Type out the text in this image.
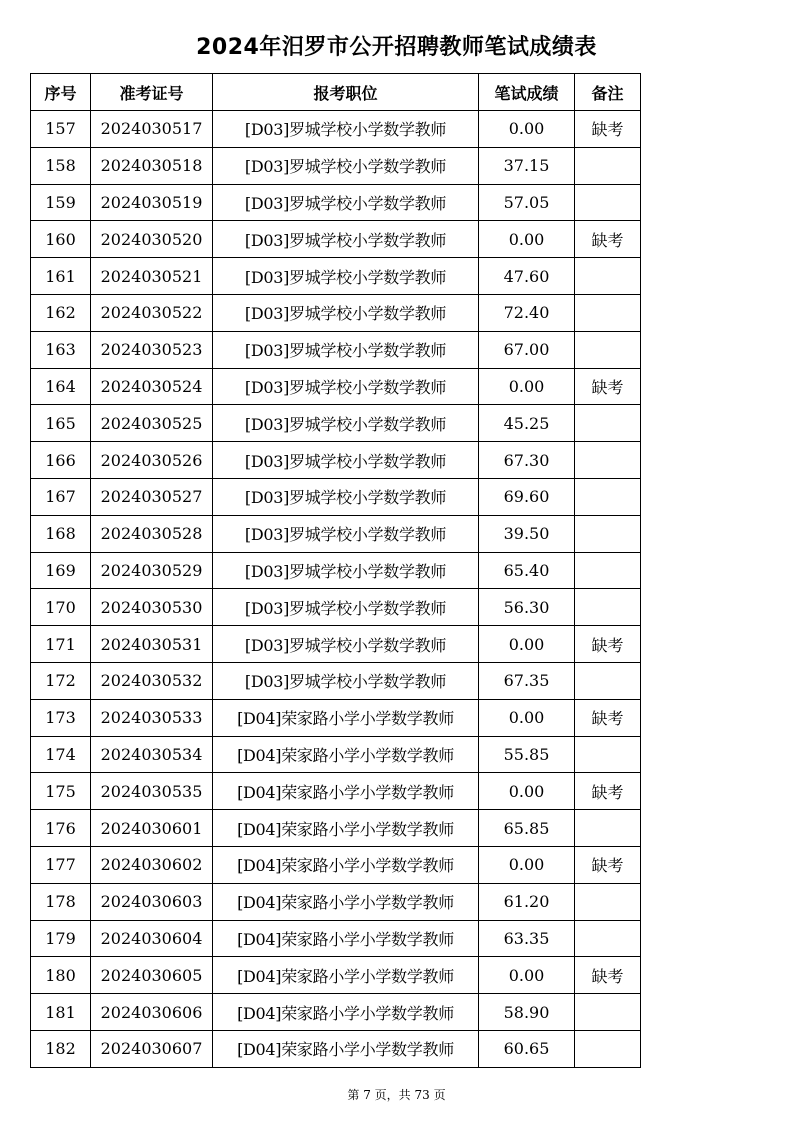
2024年汨罗市公开招聘教师笔试成绩表
序号	准考证号	报考职位	笔试成绩	备注
157	2024030517	[D03]罗城学校小学数学教师	0.00	缺考
158	2024030518	[D03]罗城学校小学数学教师	37.15	
159	2024030519	[D03]罗城学校小学数学教师	57.05	
160	2024030520	[D03]罗城学校小学数学教师	0.00	缺考
161	2024030521	[D03]罗城学校小学数学教师	47.60	
162	2024030522	[D03]罗城学校小学数学教师	72.40	
163	2024030523	[D03]罗城学校小学数学教师	67.00	
164	2024030524	[D03]罗城学校小学数学教师	0.00	缺考
165	2024030525	[D03]罗城学校小学数学教师	45.25	
166	2024030526	[D03]罗城学校小学数学教师	67.30	
167	2024030527	[D03]罗城学校小学数学教师	69.60	
168	2024030528	[D03]罗城学校小学数学教师	39.50	
169	2024030529	[D03]罗城学校小学数学教师	65.40	
170	2024030530	[D03]罗城学校小学数学教师	56.30	
171	2024030531	[D03]罗城学校小学数学教师	0.00	缺考
172	2024030532	[D03]罗城学校小学数学教师	67.35	
173	2024030533	[D04]荣家路小学小学数学教师	0.00	缺考
174	2024030534	[D04]荣家路小学小学数学教师	55.85	
175	2024030535	[D04]荣家路小学小学数学教师	0.00	缺考
176	2024030601	[D04]荣家路小学小学数学教师	65.85	
177	2024030602	[D04]荣家路小学小学数学教师	0.00	缺考
178	2024030603	[D04]荣家路小学小学数学教师	61.20	
179	2024030604	[D04]荣家路小学小学数学教师	63.35	
180	2024030605	[D04]荣家路小学小学数学教师	0.00	缺考
181	2024030606	[D04]荣家路小学小学数学教师	58.90	
182	2024030607	[D04]荣家路小学小学数学教师	60.65	
第 7 页，共 73 页
